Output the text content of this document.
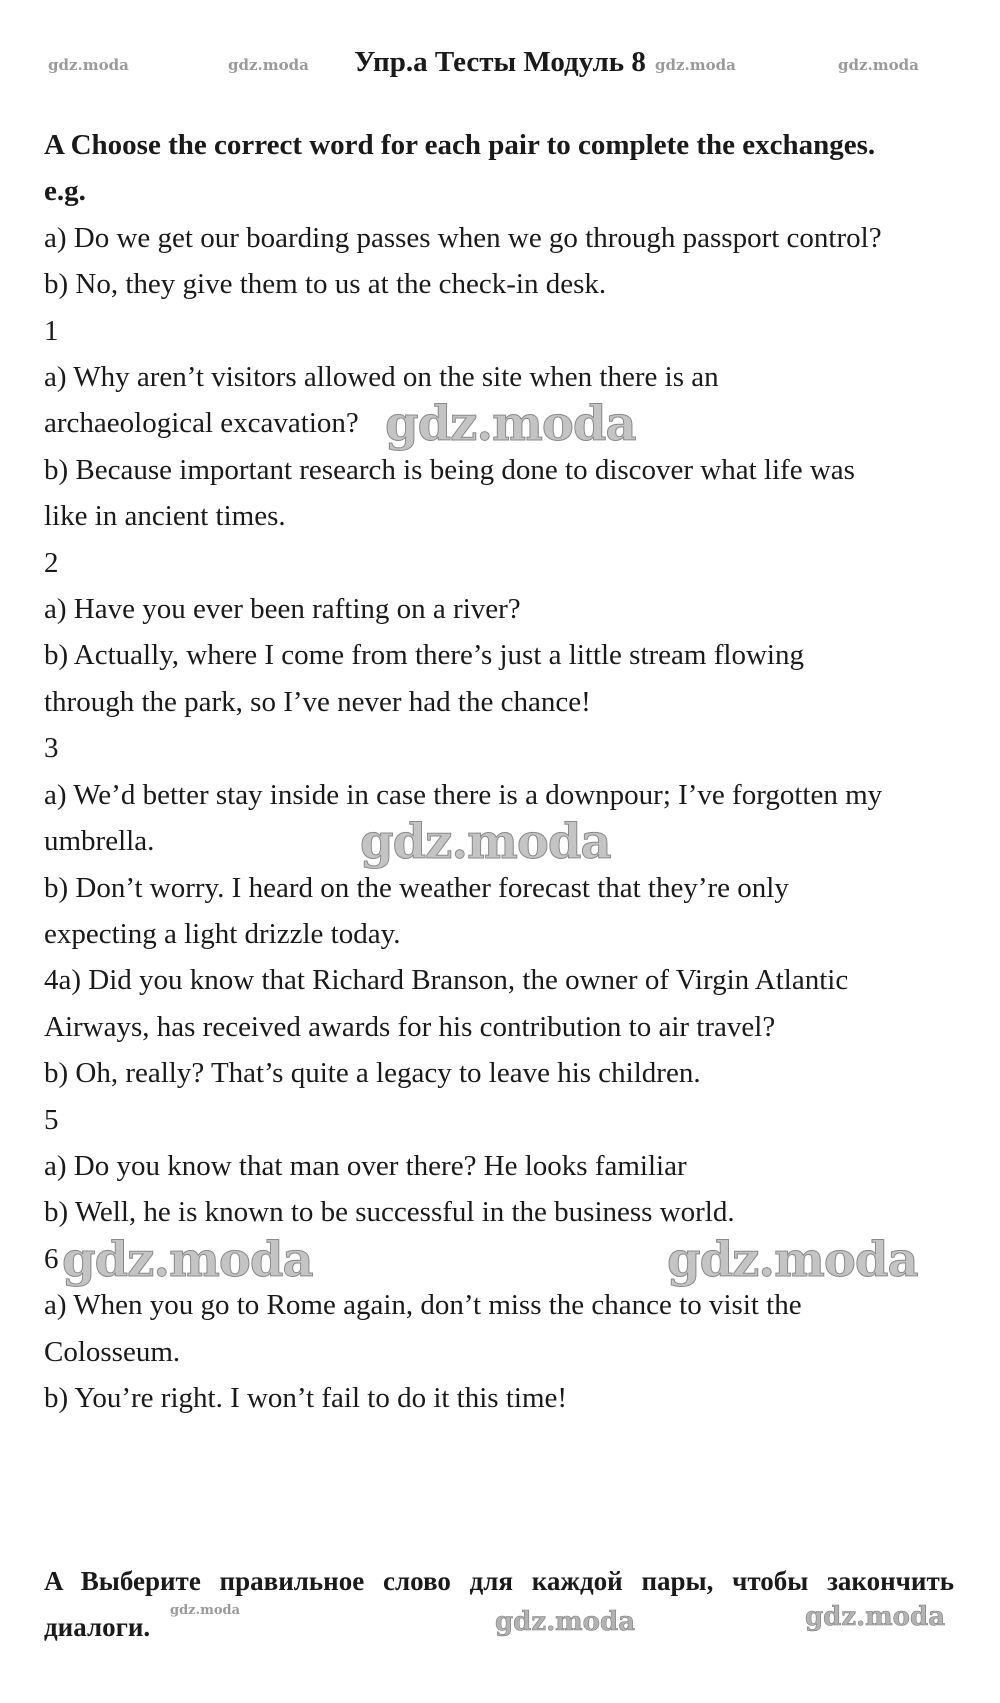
gdz.moda	gdz.moda	gdz.moda	gdz.moda
Упр.а Тесты Модуль 8

A Choose the correct word for each pair to complete the exchanges.

e.g.

a) Do we get our boarding passes when we go through passport control?

b) No, they give them to us at the check-in desk.

1

a) Why aren’t visitors allowed on the site when there is an

archaeological excavation?

b) Because important research is being done to discover what life was

like in ancient times.

2

a) Have you ever been rafting on a river?

b) Actually, where I come from there’s just a little stream flowing

through the park, so I’ve never had the chance!

3

a) We’d better stay inside in case there is a downpour; I’ve forgotten my

umbrella.

b) Don’t worry. I heard on the weather forecast that they’re only

expecting a light drizzle today.

4a) Did you know that Richard Branson, the owner of Virgin Atlantic

Airways, has received awards for his contribution to air travel?

b) Oh, really? That’s quite a legacy to leave his children.

5

a) Do you know that man over there? He looks familiar

b) Well, he is known to be successful in the business world.

6

a) When you go to Rome again, don’t miss the chance to visit the

Colosseum.

b) You’re right. I won’t fail to do it this time!

gdz.moda
gdz.moda
gdz.moda	gdz.moda

A Выберите правильное слово для каждой пары, чтобы закончить диалоги.

gdz.moda	gdz.moda	gdz.moda
